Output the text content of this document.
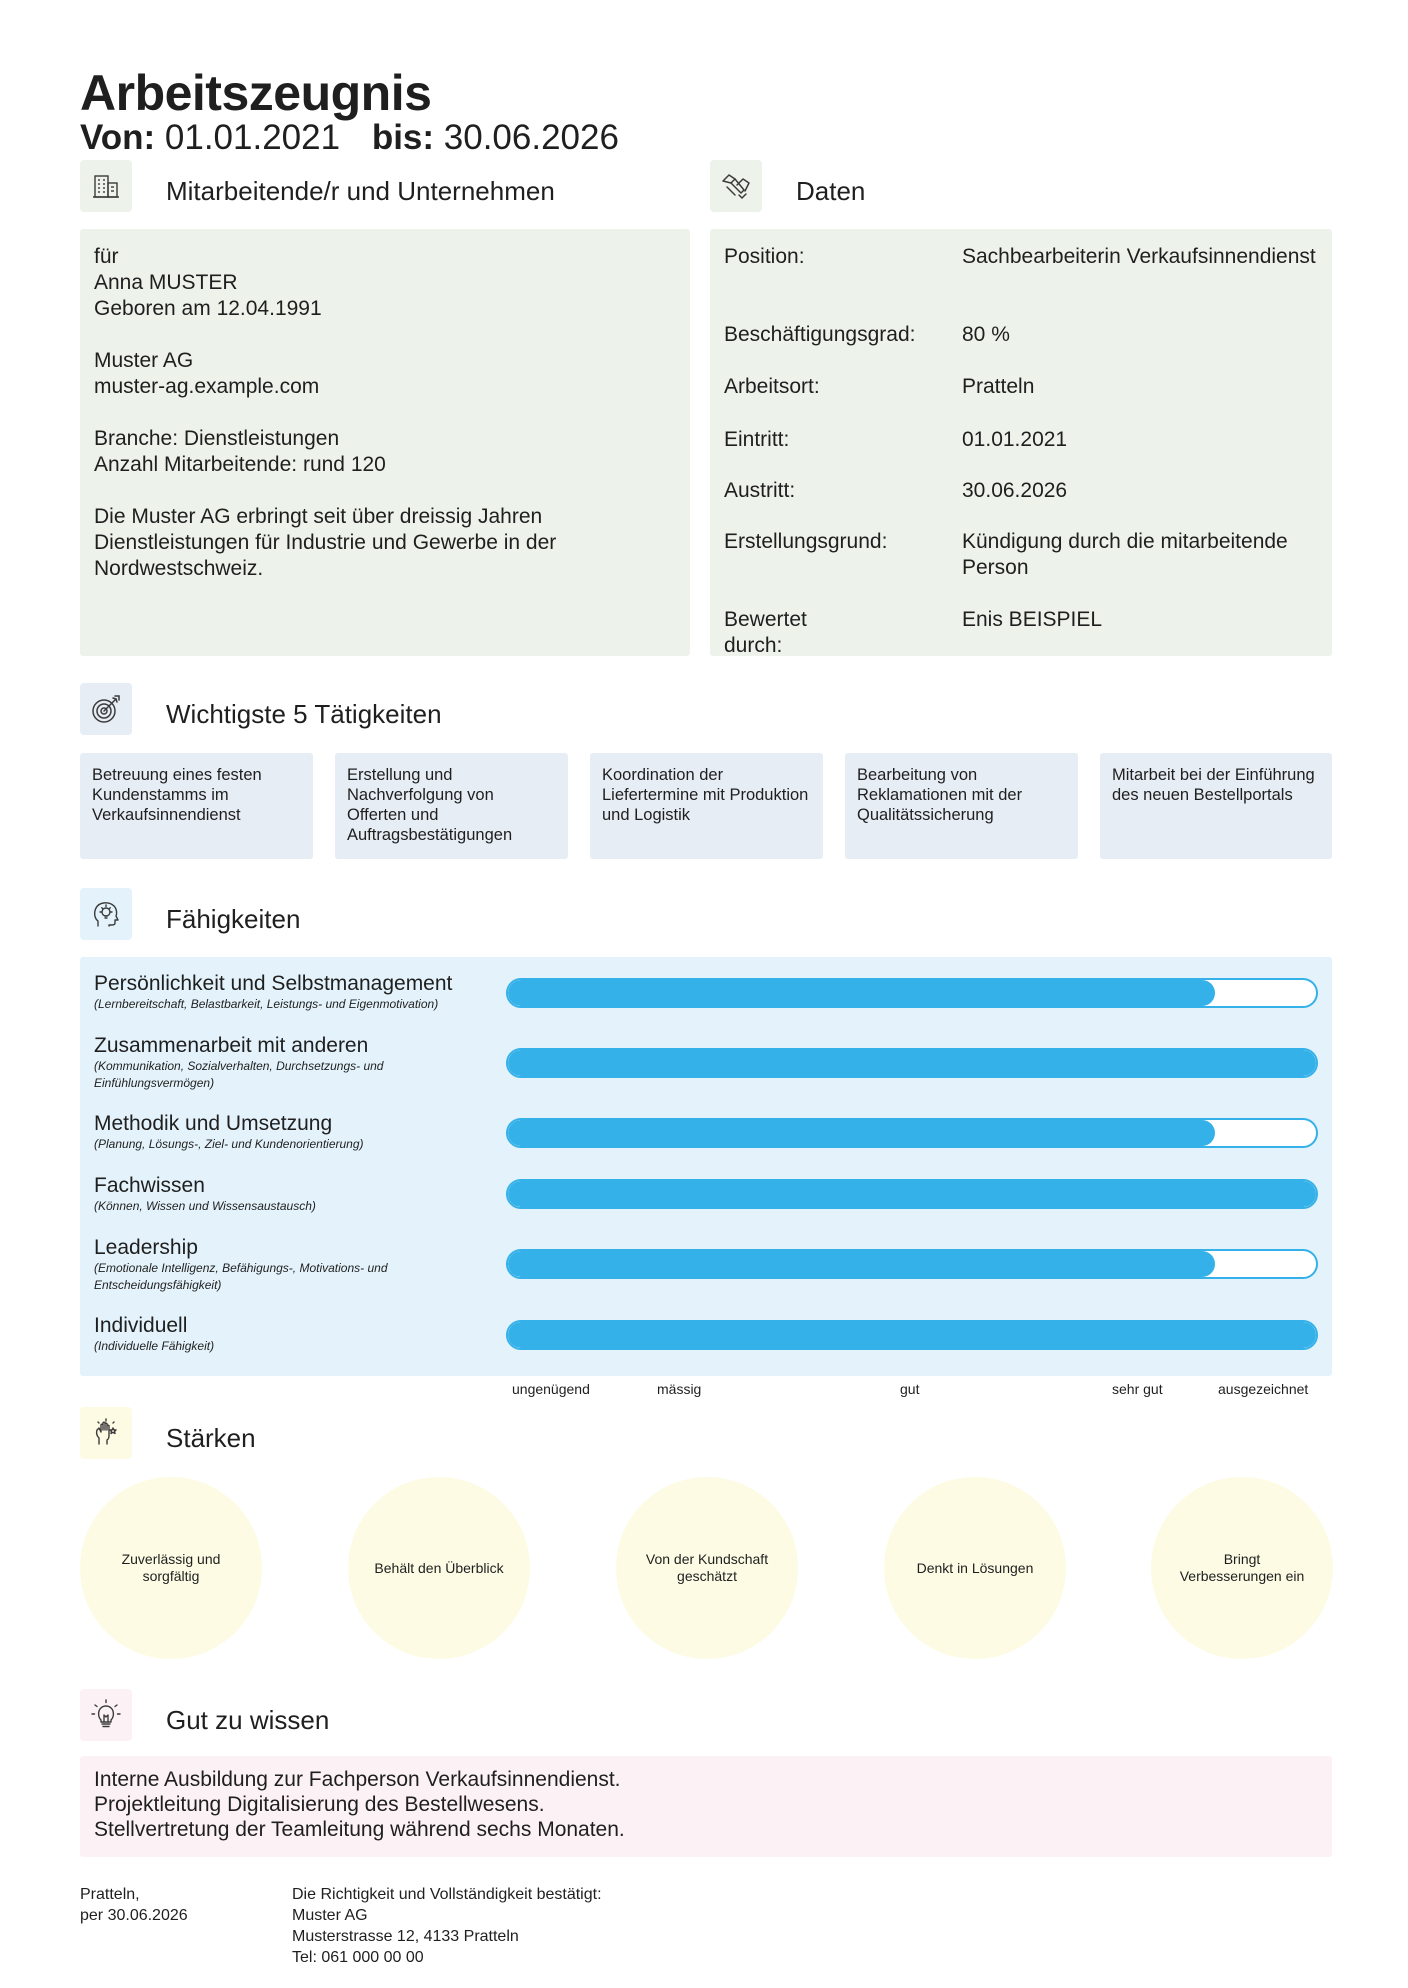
Arbeitszeugnis
Von: 01.01.2021 bis: 30.06.2026
Mitarbeitende/r und Unternehmen	Daten
für
Anna MUSTER
Geboren am 12.04.1991
Muster AG
muster-ag.example.com
Branche: Dienstleistungen
Anzahl Mitarbeitende: rund 120
Die Muster AG erbringt seit über dreissig Jahren Dienstleistungen für Industrie und Gewerbe in der Nordwestschweiz.
Position:	Sachbearbeiterin Verkaufsinnendienst
Beschäftigungsgrad: 80 %
Arbeitsort:	Pratteln
Eintritt:	01.01.2021
Austritt:	30.06.2026
Erstellungsgrund:	Kündigung durch die mitarbeitende Person
Bewertet durch:
Enis BEISPIEL
Wichtigste 5 Tätigkeiten
Betreuung eines festen Kundenstamms im Verkaufsinnendienst
Erstellung und Nachverfolgung von Offerten und Auftragsbestätigungen
Koordination der Liefertermine mit Produktion und Logistik
Bearbeitung von Reklamationen mit der Qualitätssicherung
Mitarbeit bei der Einführung des neuen Bestellportals
Fähigkeiten
Persönlichkeit und Selbstmanagement
(Lernbereitschaft, Belastbarkeit, Leistungs- und Eigenmotivation)
Zusammenarbeit mit anderen
(Kommunikation, Sozialverhalten, Durchsetzungs- und Einfühlungsvermögen)
Methodik und Umsetzung
(Planung, Lösungs-, Ziel- und Kundenorientierung)
Fachwissen
(Können, Wissen und Wissensaustausch)
Leadership
(Emotionale Intelligenz, Befähigungs-, Motivations- und Entscheidungsfähigkeit)
Individuell
(Individuelle Fähigkeit)
ungenügend	mässig	gut	sehr gut	ausgezeichnet
Stärken
Zuverlässig und sorgfältig
Behält den Überblick
Von der Kundschaft geschätzt
Denkt in Lösungen
Bringt Verbesserungen ein
Gut zu wissen
Interne Ausbildung zur Fachperson Verkaufsinnendienst.
Projektleitung Digitalisierung des Bestellwesens.
Stellvertretung der Teamleitung während sechs Monaten.
Pratteln,
per 30.06.2026
Die Richtigkeit und Vollständigkeit bestätigt:
Muster AG
Musterstrasse 12, 4133 Pratteln
Tel: 061 000 00 00
